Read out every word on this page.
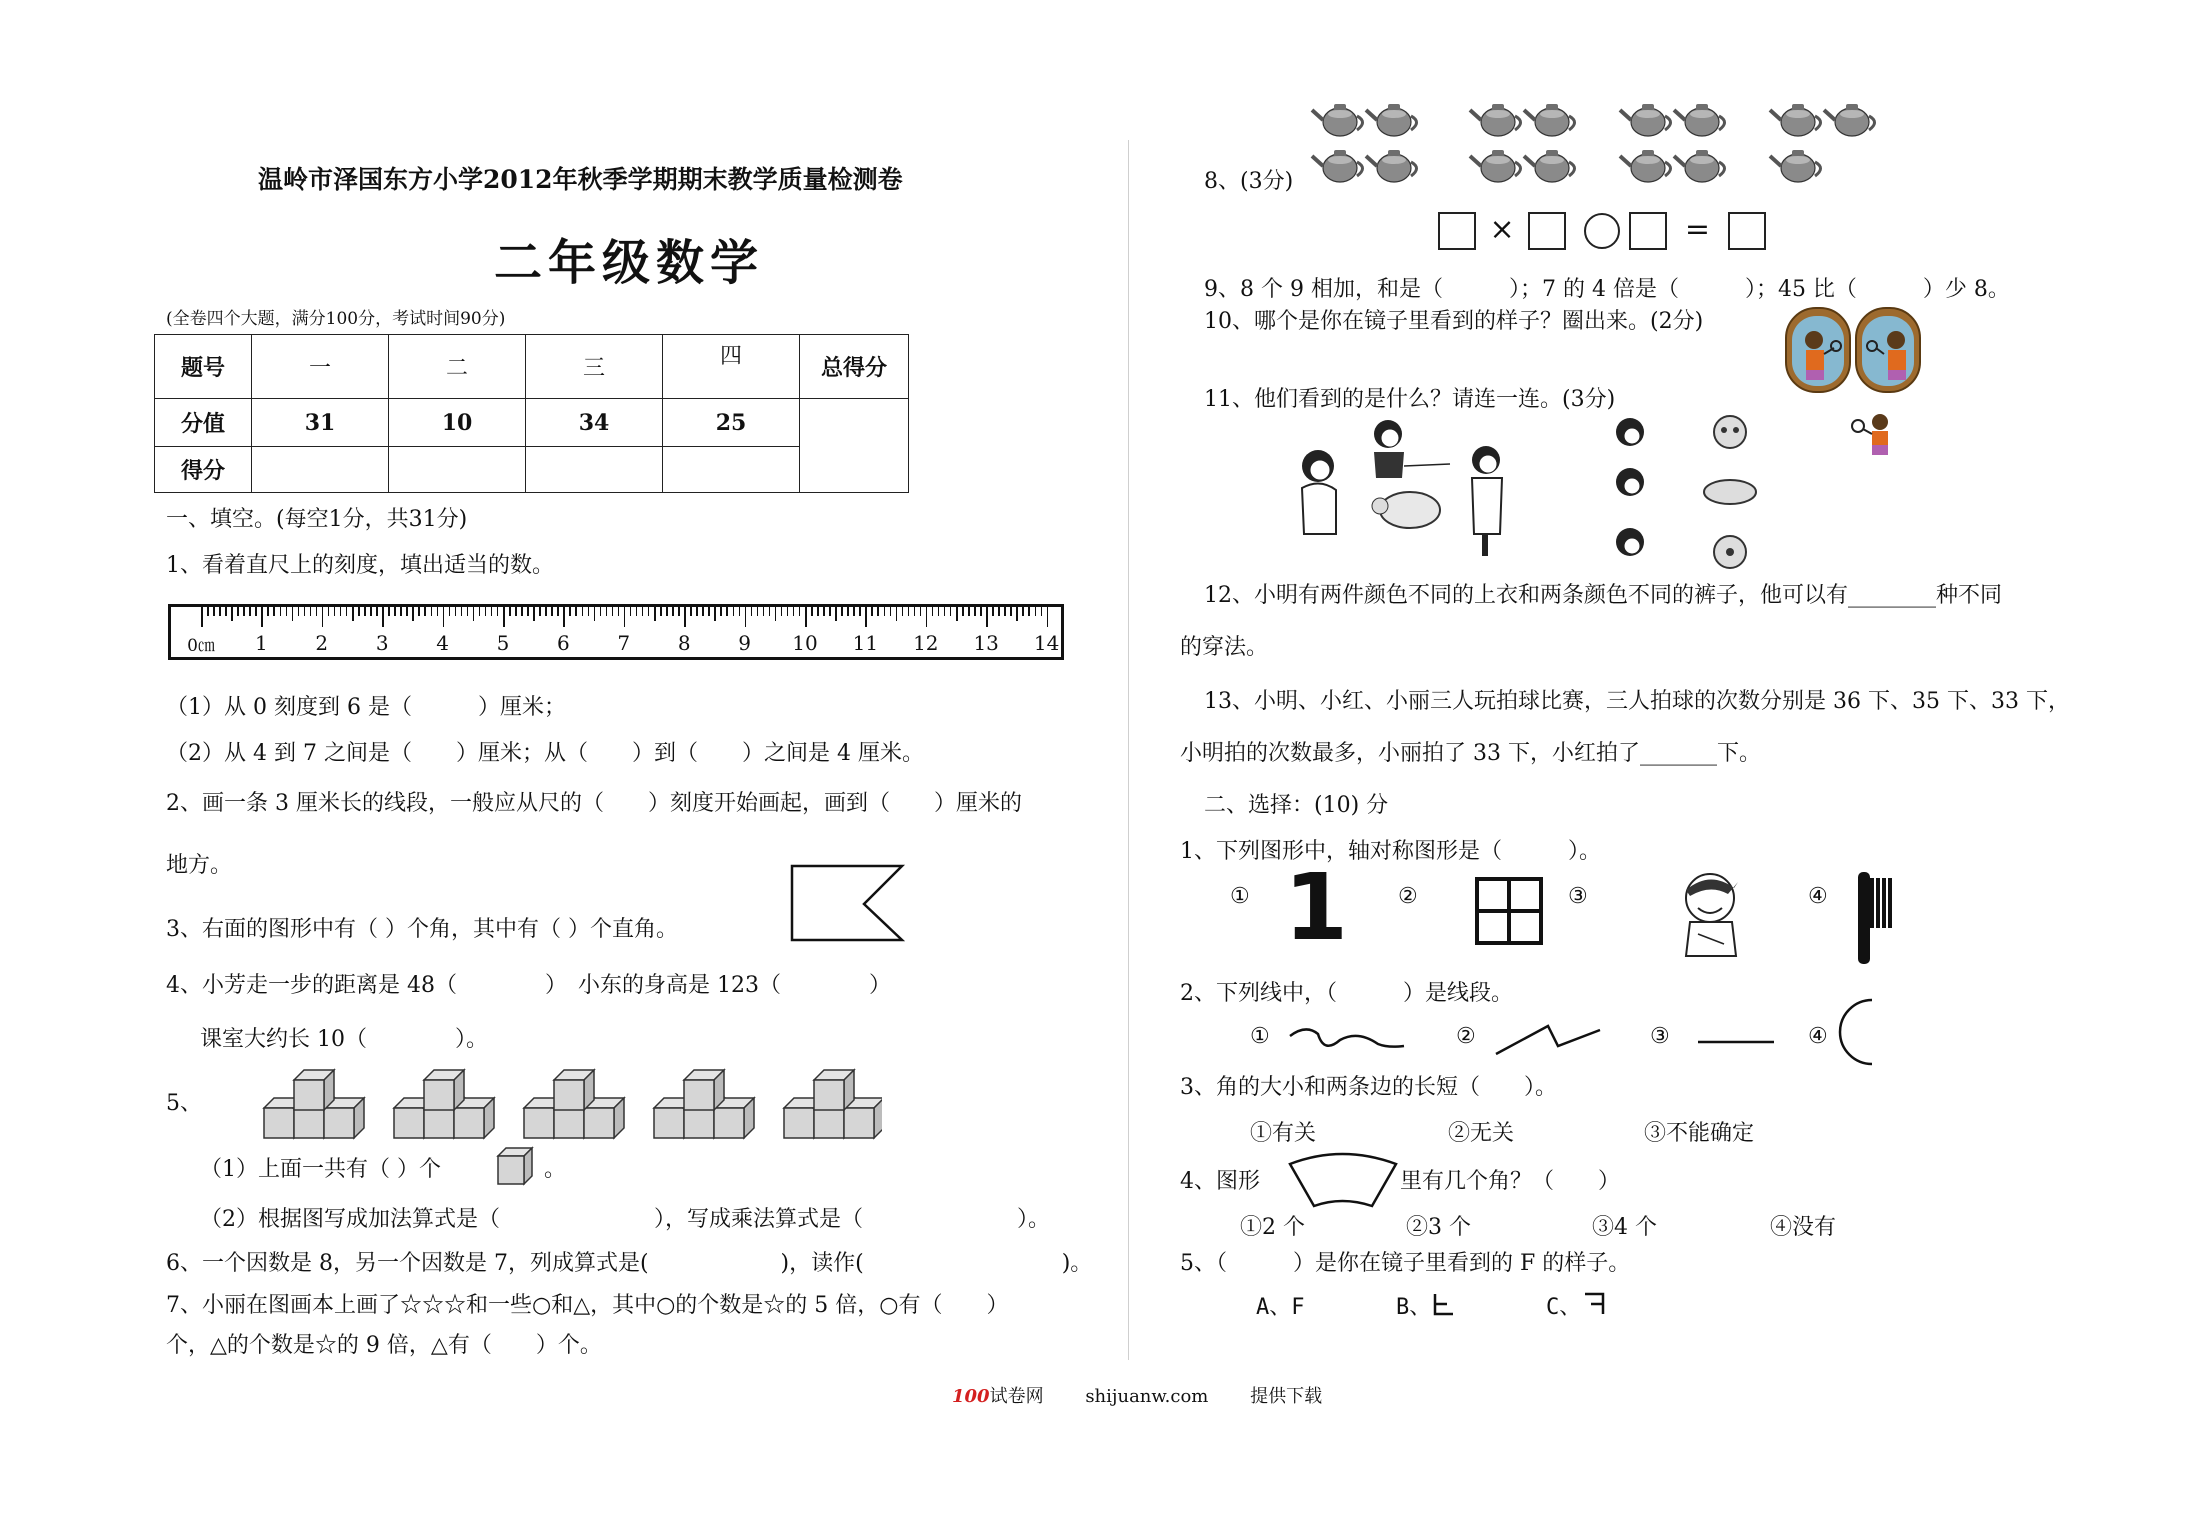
温岭市泽国东方小学2012年秋季学期期末教学质量检测卷
二年级数学
(全卷四个大题，满分100分，考试时间90分)
题号	一	二	三	四	总得分
分值	31	10	34	25	
得分					
一、填空。(每空1分，共31分)
1、看着直尺上的刻度，填出适当的数。
0㎝ 1 2 3 4 5 6 7 8 9 10 11 12 13 14
（1）从 0 刻度到 6 是（　　　）厘米；
（2）从 4 到 7 之间是（　　）厘米；从（　　）到（　　）之间是 4 厘米。
2、画一条 3 厘米长的线段，一般应从尺的（　　）刻度开始画起，画到（　　）厘米的
地方。
3、右面的图形中有（ ）个角，其中有（ ）个直角。
4、小芳走一步的距离是 48（　　　　）　小东的身高是 123（　　　　）
课室大约长 10（　　　　）。
5、
（1）上面一共有（ ）个	。
（2）根据图写成加法算式是（　　　　　　　），写成乘法算式是（　　　　　　　）。
6、一个因数是 8，另一个因数是 7，列成算式是(　　　　　　)，读作(　　　　　　　　　)。
7、小丽在图画本上画了☆☆☆和一些○和△，其中○的个数是☆的 5 倍，○有（　　）
个，△的个数是☆的 9 倍，△有（　　）个。
8、(3分)
×	=
9、8 个 9 相加，和是（　　　）；7 的 4 倍是（　　　）；45 比（　　　）少 8。
10、哪个是你在镜子里看到的样子？圈出来。(2分)
11、他们看到的是什么？请连一连。(3分)
12、小明有两件颜色不同的上衣和两条颜色不同的裤子，他可以有________种不同
的穿法。
13、小明、小红、小丽三人玩拍球比赛，三人拍球的次数分别是 36 下、35 下、33 下，
小明拍的次数最多，小丽拍了 33 下，小红拍了_______下。
二、选择：(10) 分
1、下列图形中，轴对称图形是（　　　）。
① 1 ②	③	④
2、下列线中，（　　　）是线段。
①	②	③	④
3、角的大小和两条边的长短（　　）。
①有关	②无关	③不能确定
4、图形	里有几个角？（　　）
①2 个	②3 个	③4 个	④没有
5、（　　　）是你在镜子里看到的 F 的样子。
A、F	B、	C、
100试卷网 shijuanw.com 提供下载
